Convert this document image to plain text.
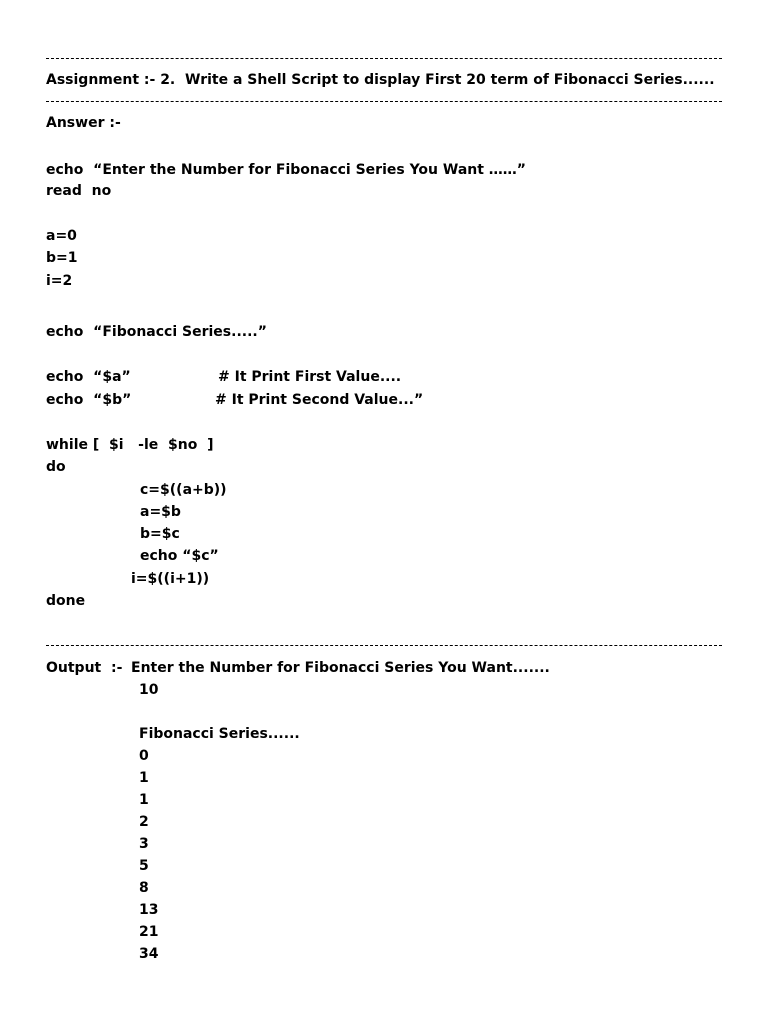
Assignment :- 2.  Write a Shell Script to display First 20 term of Fibonacci Series......
Answer :-
echo  “Enter the Number for Fibonacci Series You Want ……”
read  no
a=0
b=1
i=2
echo  “Fibonacci Series.....”
echo  “$a”	# It Print First Value....
echo  “$b”	# It Print Second Value...”
while [  $i   -le  $no  ]
do
c=$((a+b))
a=$b
b=$c
echo “$c”
i=$((i+1))
done
Output  :- Enter the Number for Fibonacci Series You Want.......
10
Fibonacci Series......
0
1
1
2
3
5
8
13
21
34
